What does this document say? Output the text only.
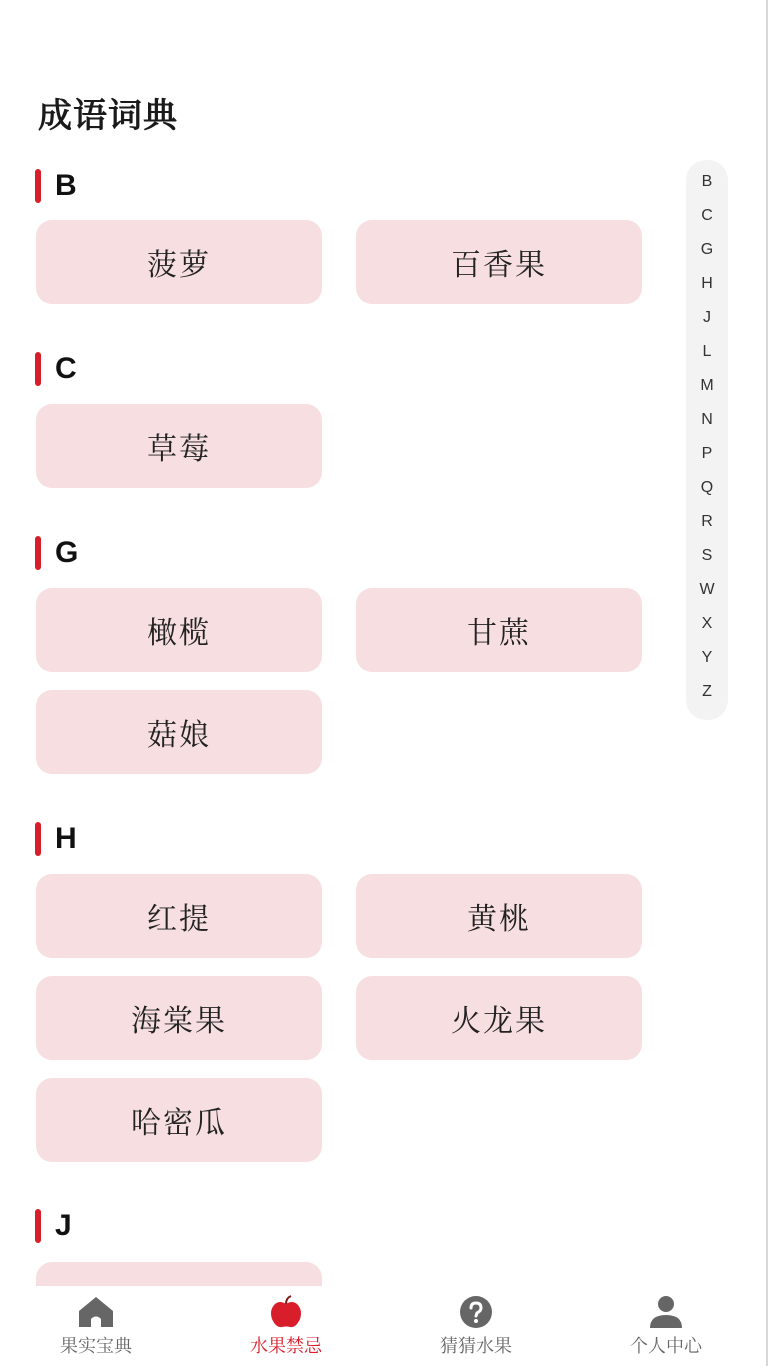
成语词典
B
菠萝	百香果
C
草莓
G
橄榄	甘蔗
菇娘
H
红提	黄桃
海棠果	火龙果
哈密瓜
J
B
C
G
H
J
L
M
N
P
Q
R
S
W
X
Y
Z
果实宝典	水果禁忌	猜猜水果	个人中心
